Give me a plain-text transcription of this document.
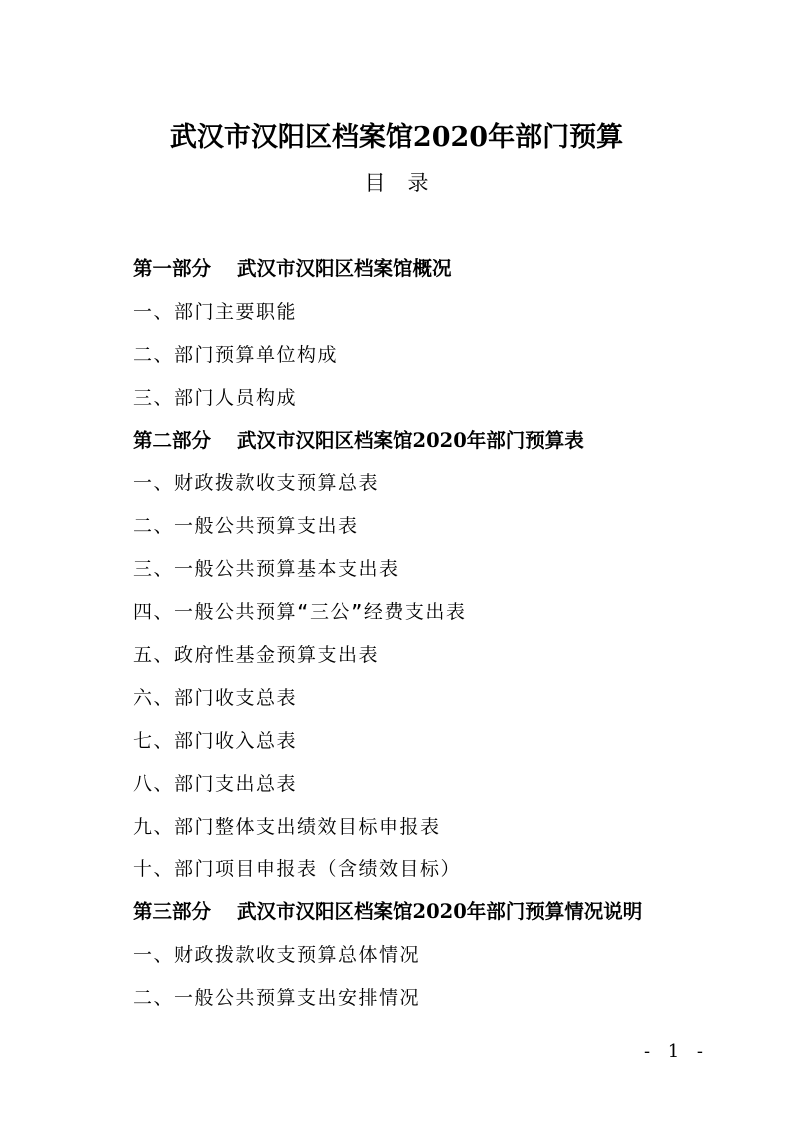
武汉市汉阳区档案馆2020年部门预算
目录
第一部分 武汉市汉阳区档案馆概况
一、部门主要职能
二、部门预算单位构成
三、部门人员构成
第二部分 武汉市汉阳区档案馆2020年部门预算表
一、财政拨款收支预算总表
二、一般公共预算支出表
三、一般公共预算基本支出表
四、一般公共预算“三公”经费支出表
五、政府性基金预算支出表
六、部门收支总表
七、部门收入总表
八、部门支出总表
九、部门整体支出绩效目标申报表
十、部门项目申报表（含绩效目标）
第三部分 武汉市汉阳区档案馆2020年部门预算情况说明
一、财政拨款收支预算总体情况
二、一般公共预算支出安排情况
- 1 -
